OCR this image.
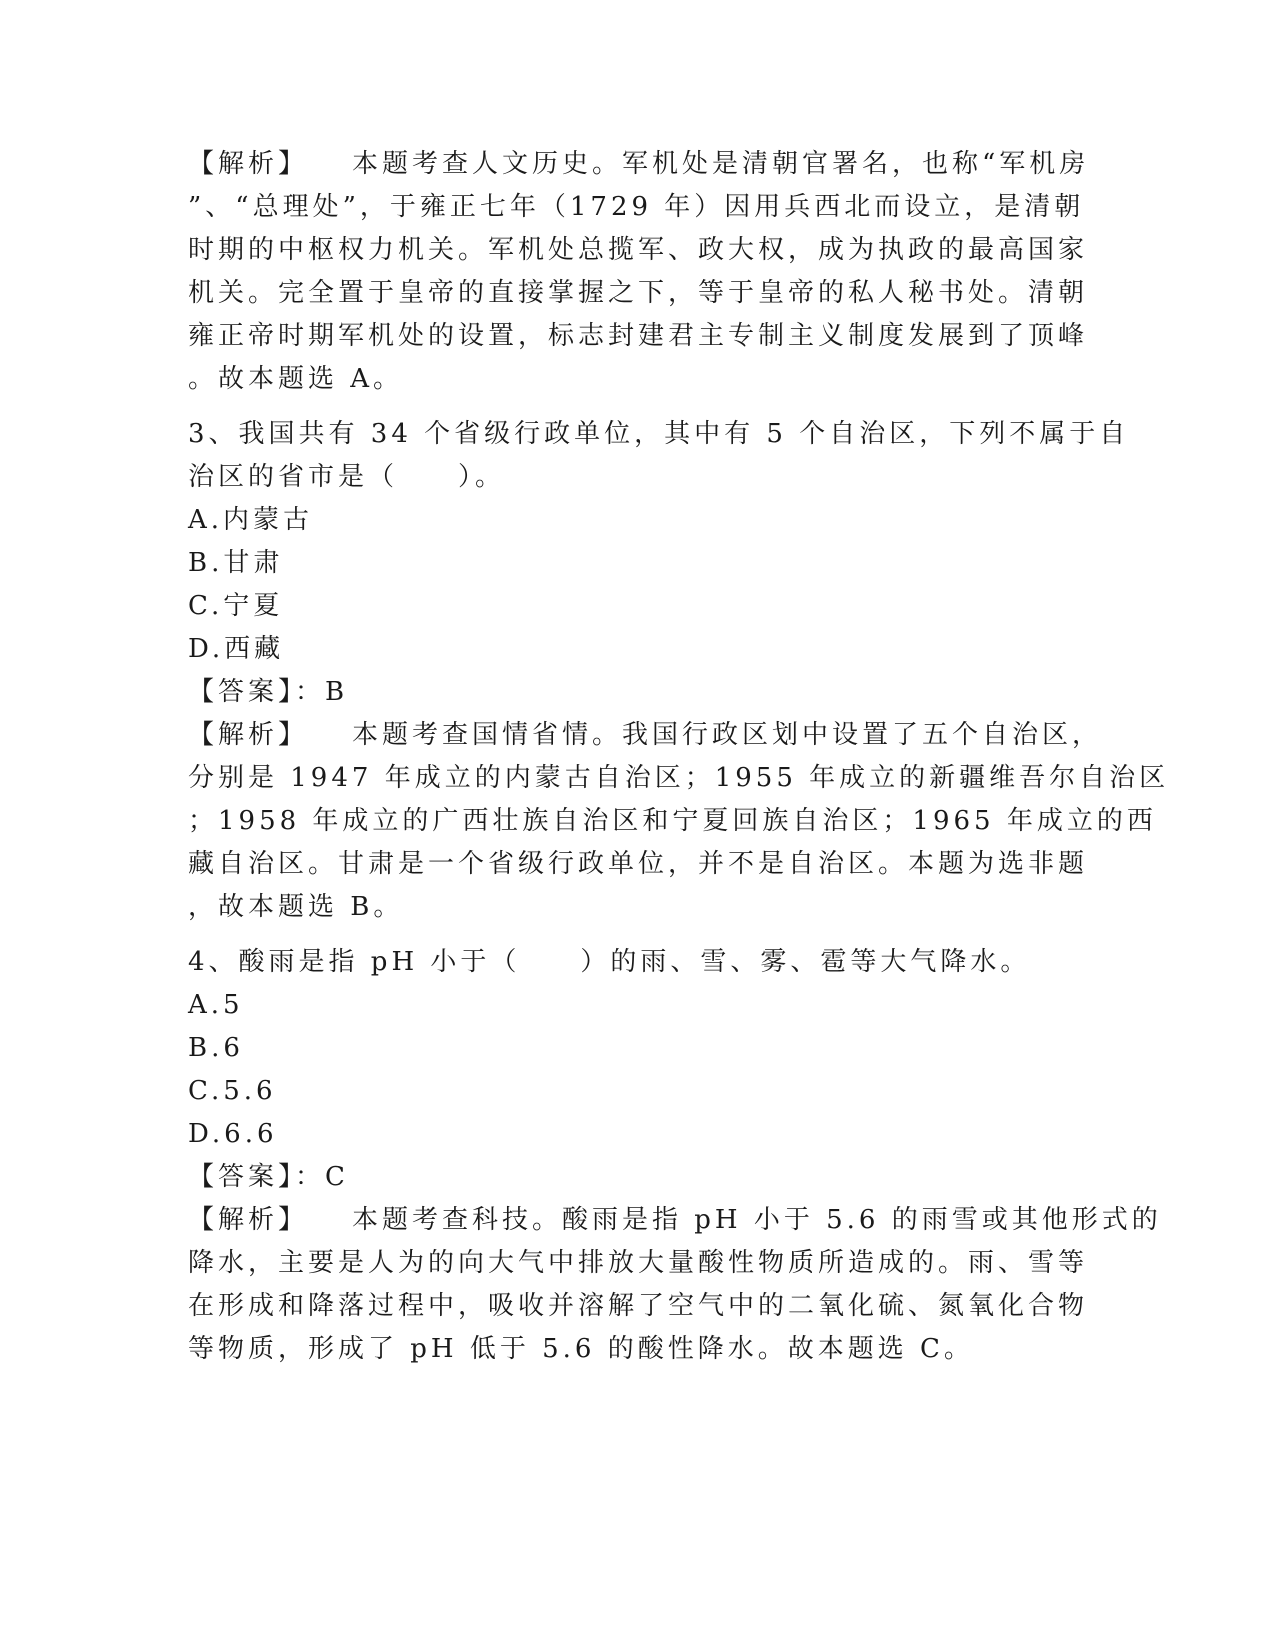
【解析】 本题考查人文历史。军机处是清朝官署名，也称“军机房
”、“总理处”，于雍正七年（1729 年）因用兵西北而设立，是清朝
时期的中枢权力机关。军机处总揽军、政大权，成为执政的最高国家
机关。完全置于皇帝的直接掌握之下，等于皇帝的私人秘书处。清朝
雍正帝时期军机处的设置，标志封建君主专制主义制度发展到了顶峰
。故本题选 A。
3、我国共有 34 个省级行政单位，其中有 5 个自治区，下列不属于自
治区的省市是（　　）。
A.内蒙古
B.甘肃
C.宁夏
D.西藏
【答案】：B
【解析】 本题考查国情省情。我国行政区划中设置了五个自治区，
分别是 1947 年成立的内蒙古自治区；1955 年成立的新疆维吾尔自治区
；1958 年成立的广西壮族自治区和宁夏回族自治区；1965 年成立的西
藏自治区。甘肃是一个省级行政单位，并不是自治区。本题为选非题
，故本题选 B。
4、酸雨是指 pH 小于（　　）的雨、雪、雾、雹等大气降水。
A.5
B.6
C.5.6
D.6.6
【答案】：C
【解析】 本题考查科技。酸雨是指 pH 小于 5.6 的雨雪或其他形式的
降水，主要是人为的向大气中排放大量酸性物质所造成的。雨、雪等
在形成和降落过程中，吸收并溶解了空气中的二氧化硫、氮氧化合物
等物质，形成了 pH 低于 5.6 的酸性降水。故本题选 C。
